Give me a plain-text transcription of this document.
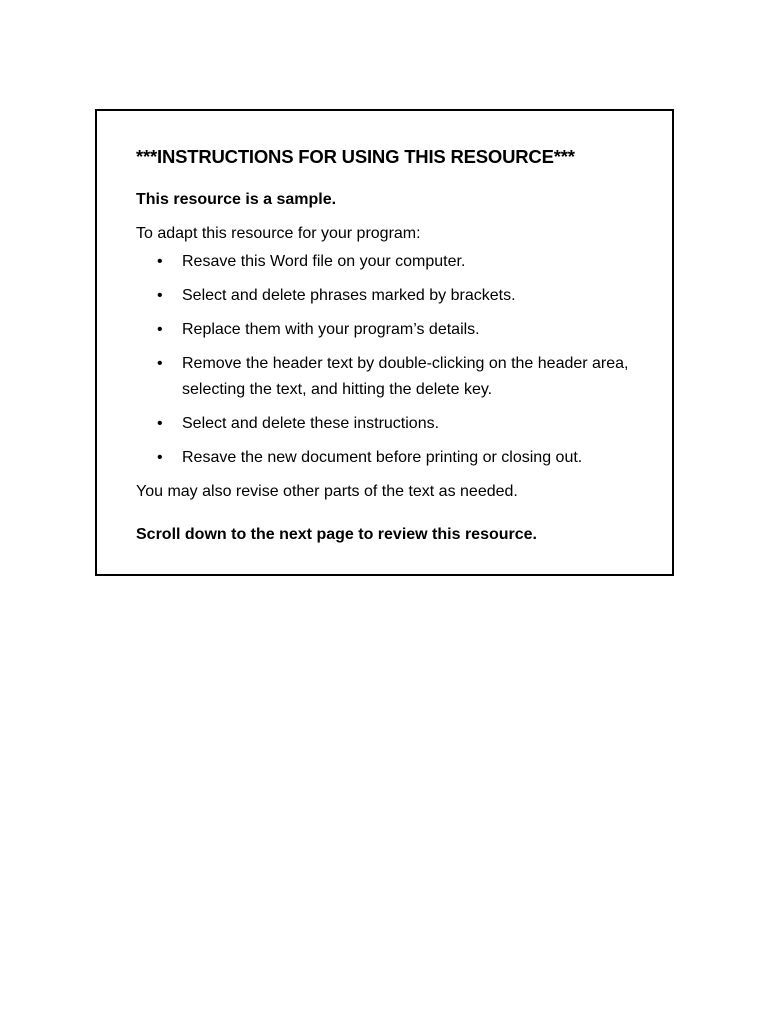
***INSTRUCTIONS FOR USING THIS RESOURCE***

This resource is a sample.

To adapt this resource for your program:

• Resave this Word file on your computer.
• Select and delete phrases marked by brackets.
• Replace them with your program’s details.
• Remove the header text by double-clicking on the header area, selecting the text, and hitting the delete key.
• Select and delete these instructions.
• Resave the new document before printing or closing out.

You may also revise other parts of the text as needed.

Scroll down to the next page to review this resource.
